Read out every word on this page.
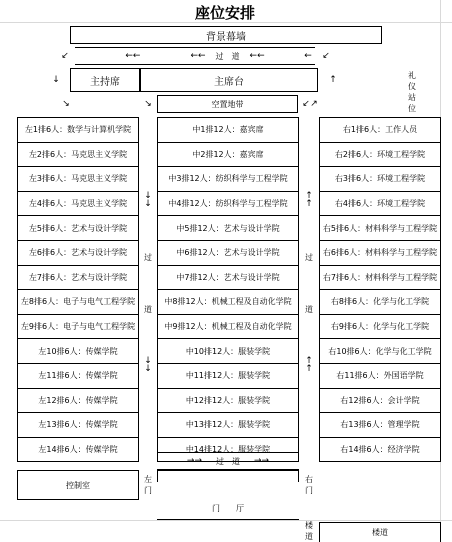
座位安排
背景幕墙
↙	←←	←← 过　道 ←←	←	↙
↓	主持席	主席台	↑	礼
仪
站
位
↘	↘	空置地带	↙ ↗
左1排6人： 数学与计算机学院
左2排6人： 马克思主义学院
左3排6人： 马克思主义学院
左4排6人： 马克思主义学院
左5排6人： 艺术与设计学院
左6排6人： 艺术与设计学院
左7排6人： 艺术与设计学院
左8排6人： 电子与电气工程学院
左9排6人： 电子与电气工程学院
左10排6人： 传媒学院
左11排6人： 传媒学院
左12排6人： 传媒学院
左13排6人： 传媒学院
左14排6人： 传媒学院
中1排12人： 嘉宾席
中2排12人： 嘉宾席
中3排12人： 纺织科学与工程学院
中4排12人： 纺织科学与工程学院
中5排12人： 艺术与设计学院
中6排12人： 艺术与设计学院
中7排12人： 艺术与设计学院
中8排12人： 机械工程及自动化学院
中9排12人： 机械工程及自动化学院
中10排12人： 服装学院
中11排12人： 服装学院
中12排12人： 服装学院
中13排12人： 服装学院
中14排12人： 服装学院
右1排6人： 工作人员
右2排6人： 环境工程学院
右3排6人： 环境工程学院
右4排6人： 环境工程学院
右5排6人： 材料科学与工程学院
右6排6人： 材料科学与工程学院
右7排6人： 材料科学与工程学院
右8排6人： 化学与化工学院
右9排6人： 化学与化工学院
右10排6人： 化学与化工学院
右11排6人： 外国语学院
右12排6人： 会计学院
右13排6人： 管理学院
右14排6人： 经济学院
↓
↓
过
道
↓
↓
↑
↑
过
道
↑
↑
→→ 过　道 →→
控制室
左
门
右
门
门　　厅
楼
道	楼道
